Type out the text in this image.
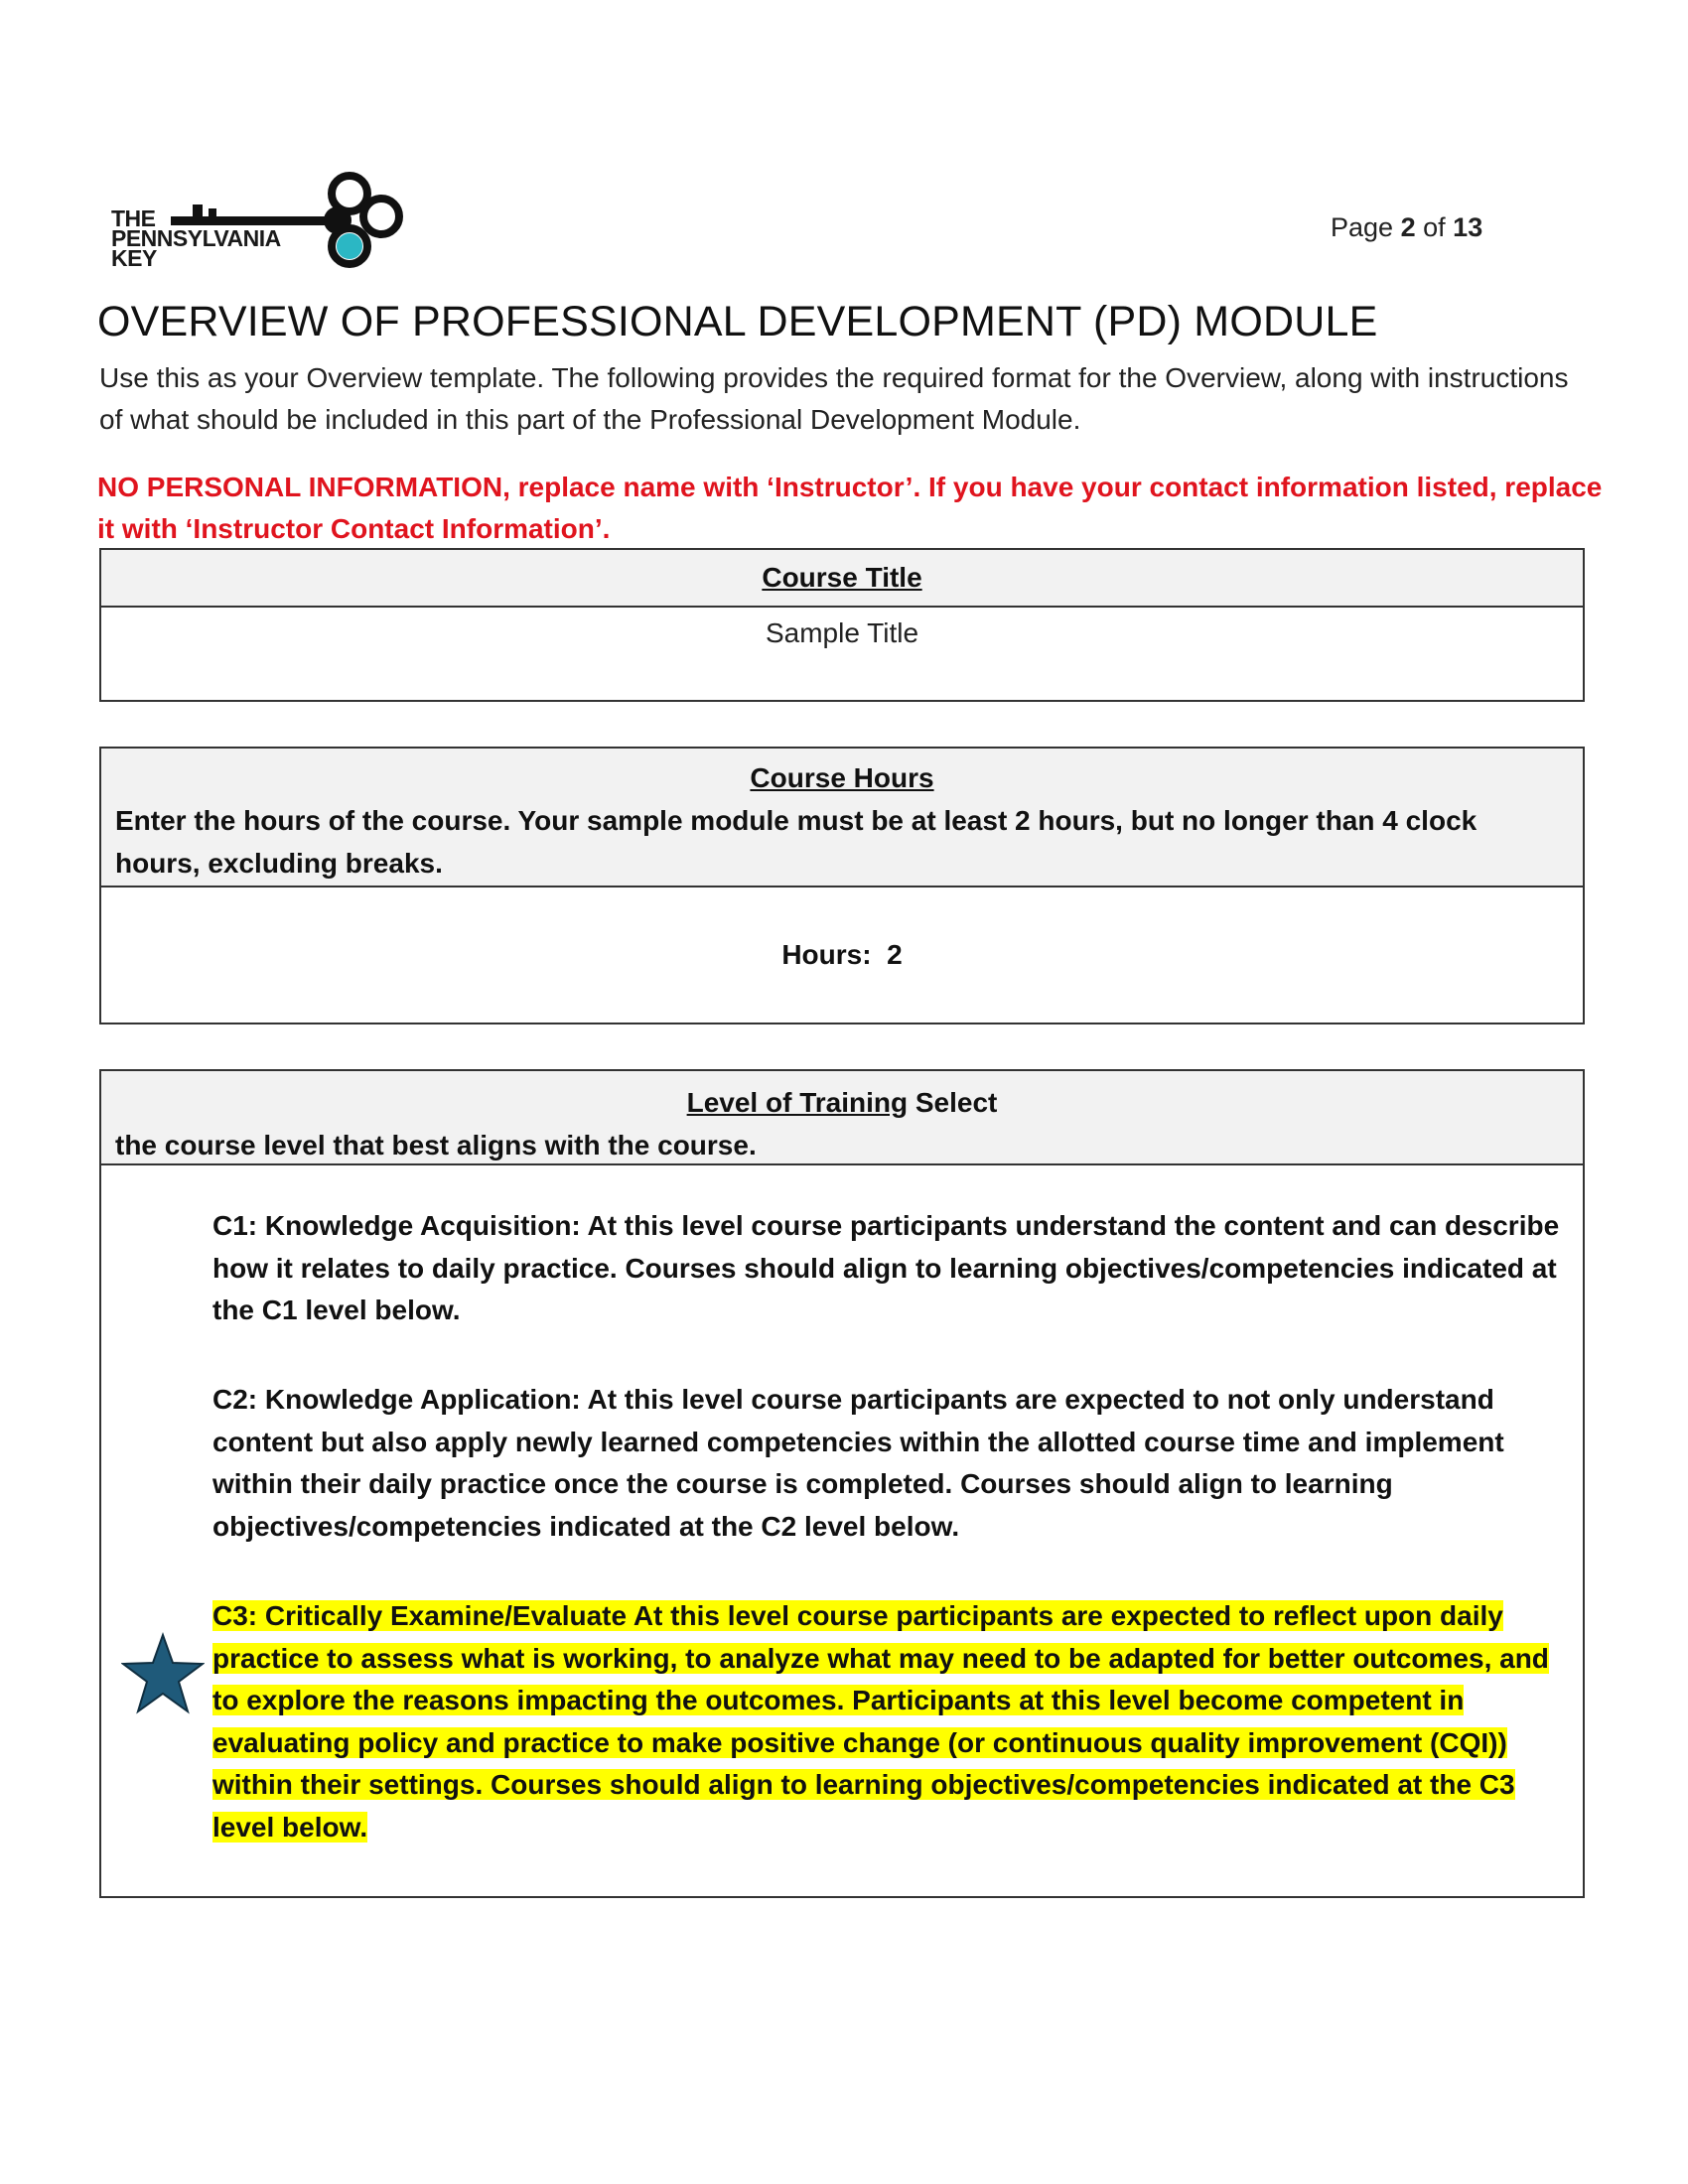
THE
PENNSYLVANIA
KEY
Page 2 of 13
OVERVIEW OF PROFESSIONAL DEVELOPMENT (PD) MODULE
Use this as your Overview template. The following provides the required format for the Overview, along with instructions of what should be included in this part of the Professional Development Module.
NO PERSONAL INFORMATION, replace name with ‘Instructor’. If you have your contact information listed, replace it with ‘Instructor Contact Information’.
Course Title
Sample Title
Course Hours
Enter the hours of the course. Your sample module must be at least 2 hours, but no longer than 4 clock hours, excluding breaks.
Hours: 2
Level of Training Select
the course level that best aligns with the course.
C1: Knowledge Acquisition: At this level course participants understand the content and can describe how it relates to daily practice. Courses should align to learning objectives/competencies indicated at the C1 level below.
C2: Knowledge Application: At this level course participants are expected to not only understand content but also apply newly learned competencies within the allotted course time and implement within their daily practice once the course is completed. Courses should align to learning objectives/competencies indicated at the C2 level below.
C3: Critically Examine/Evaluate At this level course participants are expected to reflect upon daily practice to assess what is working, to analyze what may need to be adapted for better outcomes, and to explore the reasons impacting the outcomes. Participants at this level become competent in evaluating policy and practice to make positive change (or continuous quality improvement (CQI)) within their settings. Courses should align to learning objectives/competencies indicated at the C3 level below.
